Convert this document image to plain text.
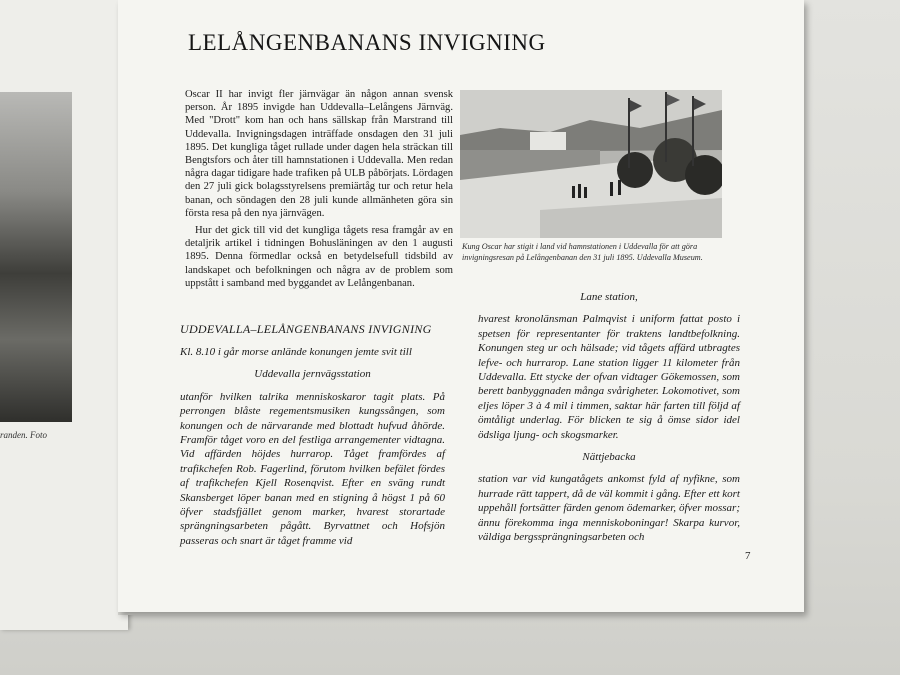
randen. Foto
LELÅNGENBANANS INVIGNING

Oscar II har invigt fler järnvägar än någon annan svensk person. År 1895 invigde han Uddevalla–Lelångens Järnväg. Med "Drott" kom han och hans sällskap från Marstrand till Uddevalla. Invigningsdagen inträffade onsdagen den 31 juli 1895. Det kungliga tåget rullade under dagen hela sträckan till Bengtsfors och åter till hamnstationen i Uddevalla. Men redan några dagar tidigare hade trafiken på ULB påbörjats. Lördagen den 27 juli gick bolagsstyrelsens premiärtåg tur och retur hela banan, och söndagen den 28 juli kunde allmänheten göra sin första resa på den nya järnvägen.

Hur det gick till vid det kungliga tågets resa framgår av en detaljrik artikel i tidningen Bohusläningen av den 1 augusti 1895. Denna förmedlar också en betydelsefull tidsbild av landskapet och befolkningen och några av de problem som uppstått i samband med byggandet av Lelångenbanan.

Kung Oscar har stigit i land vid hamnstationen i Uddevalla för att göra invigningsresan på Lelångenbanan den 31 juli 1895. Uddevalla Museum.
UDDEVALLA–LELÅNGENBANANS INVIGNING

Kl. 8.10 i går morse anlände konungen jemte svit till

Uddevalla jernvägsstation

utanför hvilken talrika menniskoskaror tagit plats. På perrongen blåste regementsmusiken kungssången, som konungen och de närvarande med blottadt hufvud åhörde. Framför tåget voro en del festliga arrangementer vidtagna. Vid affärden höjdes hurrarop. Tåget framfördes af trafikchefen Rob. Fagerlind, förutom hvilken befälet fördes af trafikchefen Kjell Rosenqvist. Efter en sväng rundt Skansberget löper banan med en stigning å högst 1 på 60 öfver stadsfjället genom marker, hvarest storartade sprängningsarbeten pågått. Byrvattnet och Hofsjön passeras och snart är tåget framme vid

Lane station,

hvarest kronolänsman Palmqvist i uniform fattat posto i spetsen för representanter för traktens landtbefolkning. Konungen steg ur och hälsade; vid tågets affärd utbragtes lefve- och hurrarop. Lane station ligger 11 kilometer från Uddevalla. Ett stycke der ofvan vidtager Gökemossen, som berett banbyggnaden många svårigheter. Lokomotivet, som eljes löper 3 à 4 mil i timmen, saktar här farten till följd af ömtåligt underlag. För blicken te sig å ömse sidor idel ödsliga ljung- och skogsmarker.

Nättjebacka

station var vid kungatågets ankomst fyld af nyfikne, som hurrade rätt tappert, då de väl kommit i gång. Efter ett kort uppehåll fortsätter färden genom ödemarker, öfver mossar; ännu förekomma inga menniskoboningar! Skarpa kurvor, väldiga bergssprängningsarbeten och

7
